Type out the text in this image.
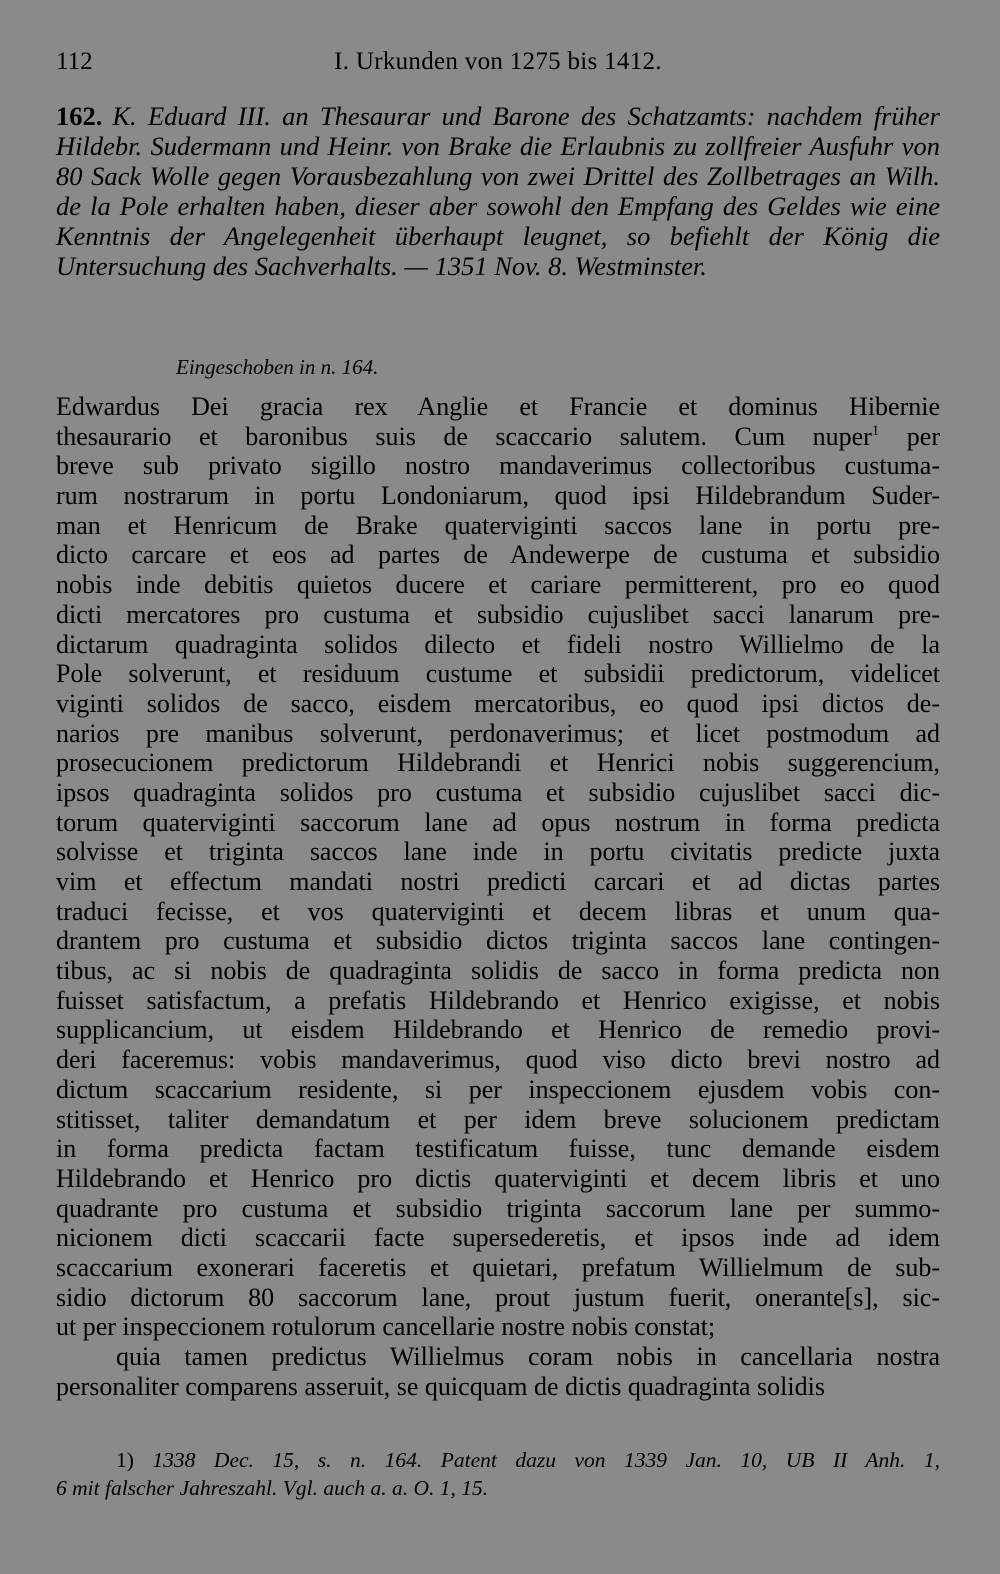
112	I. Urkunden von 1275 bis 1412.
162. K. Eduard III. an Thesaurar und Barone des Schatzamts: nachdem früher Hildebr. Sudermann und Heinr. von Brake die Erlaubnis zu zollfreier Ausfuhr von 80 Sack Wolle gegen Vorausbezahlung von zwei Drittel des Zollbetrages an Wilh. de la Pole erhalten haben, dieser aber sowohl den Empfang des Geldes wie eine Kenntnis der Angelegenheit überhaupt leugnet, so befiehlt der König die Untersuchung des Sachverhalts. — 1351 Nov. 8. Westminster.
Eingeschoben in n. 164.
Edwardus Dei gracia rex Anglie et Francie et dominus Hibernie
thesaurario et baronibus suis de scaccario salutem. Cum nuper$^1$ per
breve sub privato sigillo nostro mandaverimus collectoribus custuma-
rum nostrarum in portu Londoniarum, quod ipsi Hildebrandum Suder-
man et Henricum de Brake quaterviginti saccos lane in portu pre-
dicto carcare et eos ad partes de Andewerpe de custuma et subsidio
nobis inde debitis quietos ducere et cariare permitterent, pro eo quod
dicti mercatores pro custuma et subsidio cujuslibet sacci lanarum pre-
dictarum quadraginta solidos dilecto et fideli nostro Willielmo de la
Pole solverunt, et residuum custume et subsidii predictorum, videlicet
viginti solidos de sacco, eisdem mercatoribus, eo quod ipsi dictos de-
narios pre manibus solverunt, perdonaverimus; et licet postmodum ad
prosecucionem predictorum Hildebrandi et Henrici nobis suggerencium,
ipsos quadraginta solidos pro custuma et subsidio cujuslibet sacci dic-
torum quaterviginti saccorum lane ad opus nostrum in forma predicta
solvisse et triginta saccos lane inde in portu civitatis predicte juxta
vim et effectum mandati nostri predicti carcari et ad dictas partes
traduci fecisse, et vos quaterviginti et decem libras et unum qua-
drantem pro custuma et subsidio dictos triginta saccos lane contingen-
tibus, ac si nobis de quadraginta solidis de sacco in forma predicta non
fuisset satisfactum, a prefatis Hildebrando et Henrico exigisse, et nobis
supplicancium, ut eisdem Hildebrando et Henrico de remedio provi-
deri faceremus: vobis mandaverimus, quod viso dicto brevi nostro ad
dictum scaccarium residente, si per inspeccionem ejusdem vobis con-
stitisset, taliter demandatum et per idem breve solucionem predictam
in forma predicta factam testificatum fuisse, tunc demande eisdem
Hildebrando et Henrico pro dictis quaterviginti et decem libris et uno
quadrante pro custuma et subsidio triginta saccorum lane per summo-
nicionem dicti scaccarii facte supersederetis, et ipsos inde ad idem
scaccarium exonerari faceretis et quietari, prefatum Willielmum de sub-
sidio dictorum 80 saccorum lane, prout justum fuerit, onerante[s], sic-
ut per inspeccionem rotulorum cancellarie nostre nobis constat;
quia tamen predictus Willielmus coram nobis in cancellaria nostra
personaliter comparens asseruit, se quicquam de dictis quadraginta solidis
1) 1338 Dec. 15, s. n. 164. Patent dazu von 1339 Jan. 10, UB II Anh. 1,
6 mit falscher Jahreszahl. Vgl. auch a. a. O. 1, 15.
